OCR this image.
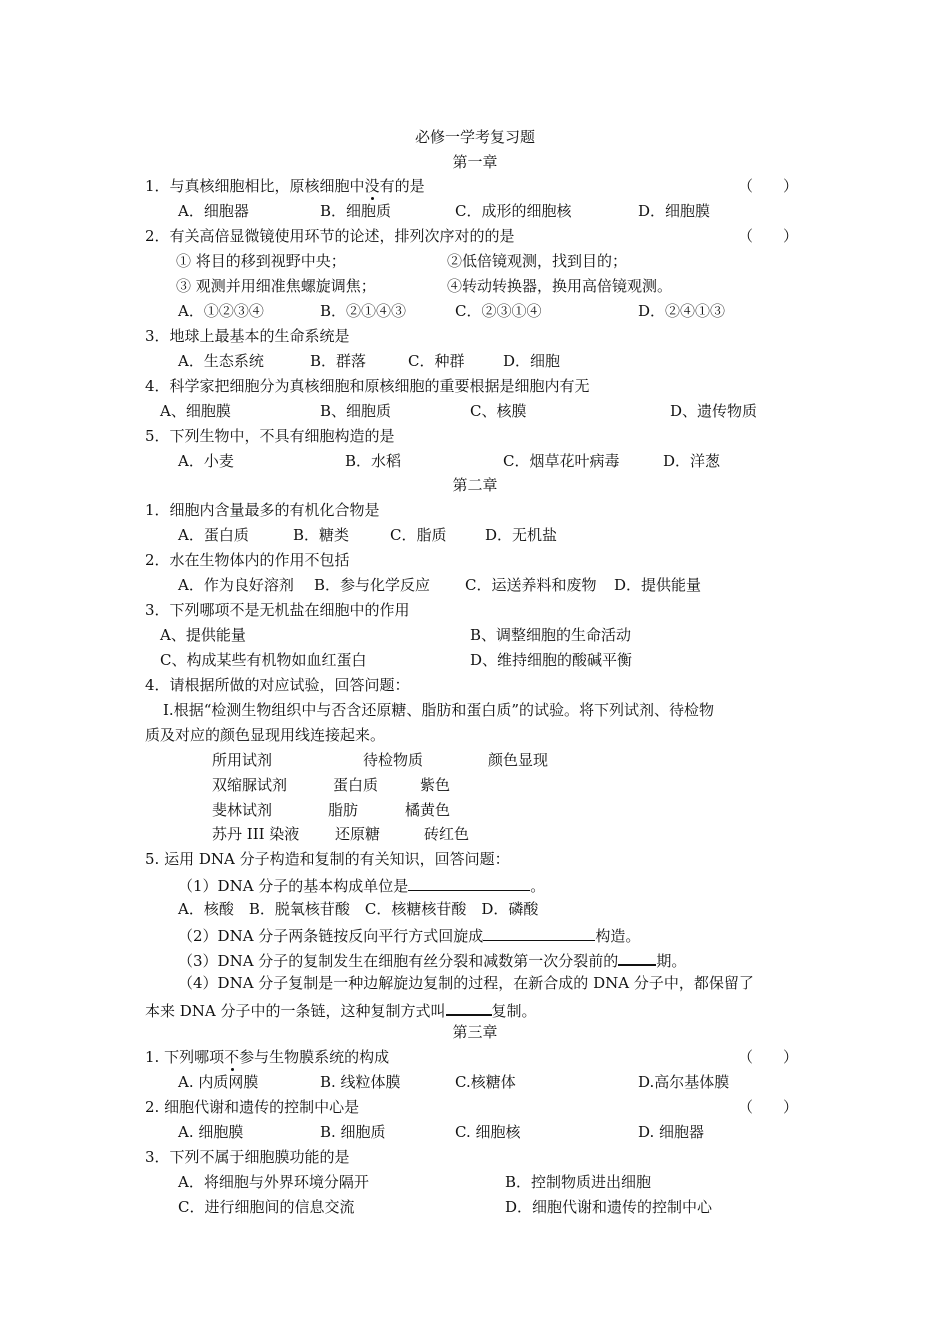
必修一学考复习题
第一章
1．与真核细胞相比，原核细胞中没有的是	（　　）
A．细胞器	B．细胞质	C．成形的细胞核	D．细胞膜
2．有关高倍显微镜使用环节的论述，排列次序对的的是	（　　）
① 将目的移到视野中央；	②低倍镜观测，找到目的；
③ 观测并用细准焦螺旋调焦；	④转动转换器，换用高倍镜观测。
A．①②③④	B．②①④③	C．②③①④	D．②④①③
3．地球上最基本的生命系统是
A．生态系统	B．群落	C．种群	D．细胞
4．科学家把细胞分为真核细胞和原核细胞的重要根据是细胞内有无
A、细胞膜	B、细胞质	C、核膜	D、遗传物质
5．下列生物中，不具有细胞构造的是
A．小麦	B．水稻	C．烟草花叶病毒	D．洋葱
第二章
1．细胞内含量最多的有机化合物是
A．蛋白质	B．糖类	C．脂质	D．无机盐
2．水在生物体内的作用不包括
A．作为良好溶剂 B．参与化学反应 C．运送养料和废物 D．提供能量
3．下列哪项不是无机盐在细胞中的作用
A、提供能量	B、调整细胞的生命活动
C、构成某些有机物如血红蛋白	D、维持细胞的酸碱平衡
4．请根据所做的对应试验，回答问题：
Ⅰ.根据“检测生物组织中与否含还原糖、脂肪和蛋白质”的试验。将下列试剂、待检物
质及对应的颜色显现用线连接起来。
所用试剂	待检物质	颜色显现
双缩脲试剂	蛋白质	紫色
斐林试剂	脂肪	橘黄色
苏丹 III 染液 还原糖	砖红色
5. 运用 DNA 分子构造和复制的有关知识，回答问题：
（1）DNA 分子的基本构成单位是	。
A．核酸　B．脱氧核苷酸　C．核糖核苷酸　D．磷酸
（2）DNA 分子两条链按反向平行方式回旋成	构造。
（3）DNA 分子的复制发生在细胞有丝分裂和减数第一次分裂前的	期。
（4）DNA 分子复制是一种边解旋边复制的过程，在新合成的 DNA 分子中，都保留了
本来 DNA 分子中的一条链，这种复制方式叫	复制。
第三章
1. 下列哪项不参与生物膜系统的构成	（　　）
A. 内质网膜	B. 线粒体膜	C.核糖体	D.高尔基体膜
2. 细胞代谢和遗传的控制中心是	（　　）
A. 细胞膜	B. 细胞质	C. 细胞核	D. 细胞器
3．下列不属于细胞膜功能的是
A．将细胞与外界环境分隔开	B．控制物质进出细胞
C．进行细胞间的信息交流	D．细胞代谢和遗传的控制中心
